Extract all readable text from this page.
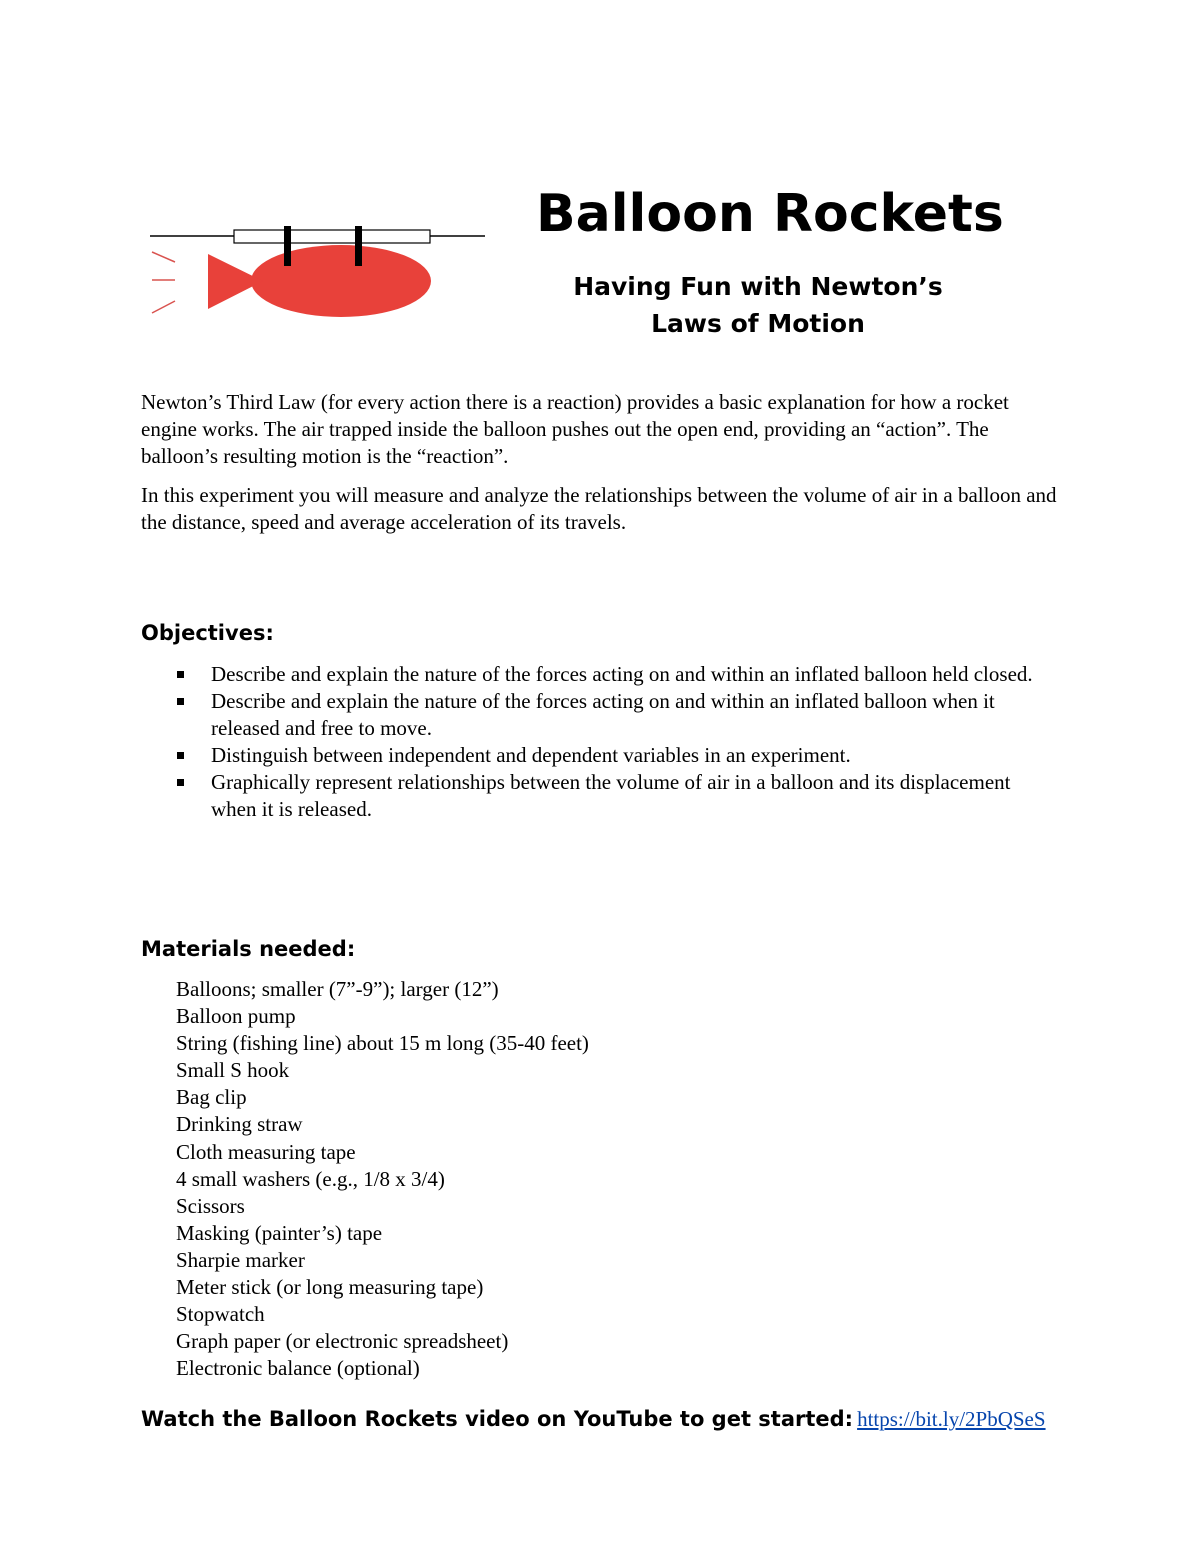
Balloon Rockets
Having Fun with Newton’s
Laws of Motion

Newton’s Third Law (for every action there is a reaction) provides a basic explanation for how a rocket engine works. The air trapped inside the balloon pushes out the open end, providing an “action”. The balloon’s resulting motion is the “reaction”.

In this experiment you will measure and analyze the relationships between the volume of air in a balloon and the distance, speed and average acceleration of its travels.

Objectives:
Describe and explain the nature of the forces acting on and within an inflated balloon held closed.
Describe and explain the nature of the forces acting on and within an inflated balloon when it released and free to move.
Distinguish between independent and dependent variables in an experiment.
Graphically represent relationships between the volume of air in a balloon and its displacement when it is released.
Materials needed:
Balloons; smaller (7”-9”); larger (12”)
Balloon pump
String (fishing line) about 15 m long (35-40 feet)
Small S hook
Bag clip
Drinking straw
Cloth measuring tape
4 small washers (e.g., 1/8 x 3/4)
Scissors
Masking (painter’s) tape
Sharpie marker
Meter stick (or long measuring tape)
Stopwatch
Graph paper (or electronic spreadsheet)
Electronic balance (optional)

Watch the Balloon Rockets video on YouTube to get started: https://bit.ly/2PbQSeS
